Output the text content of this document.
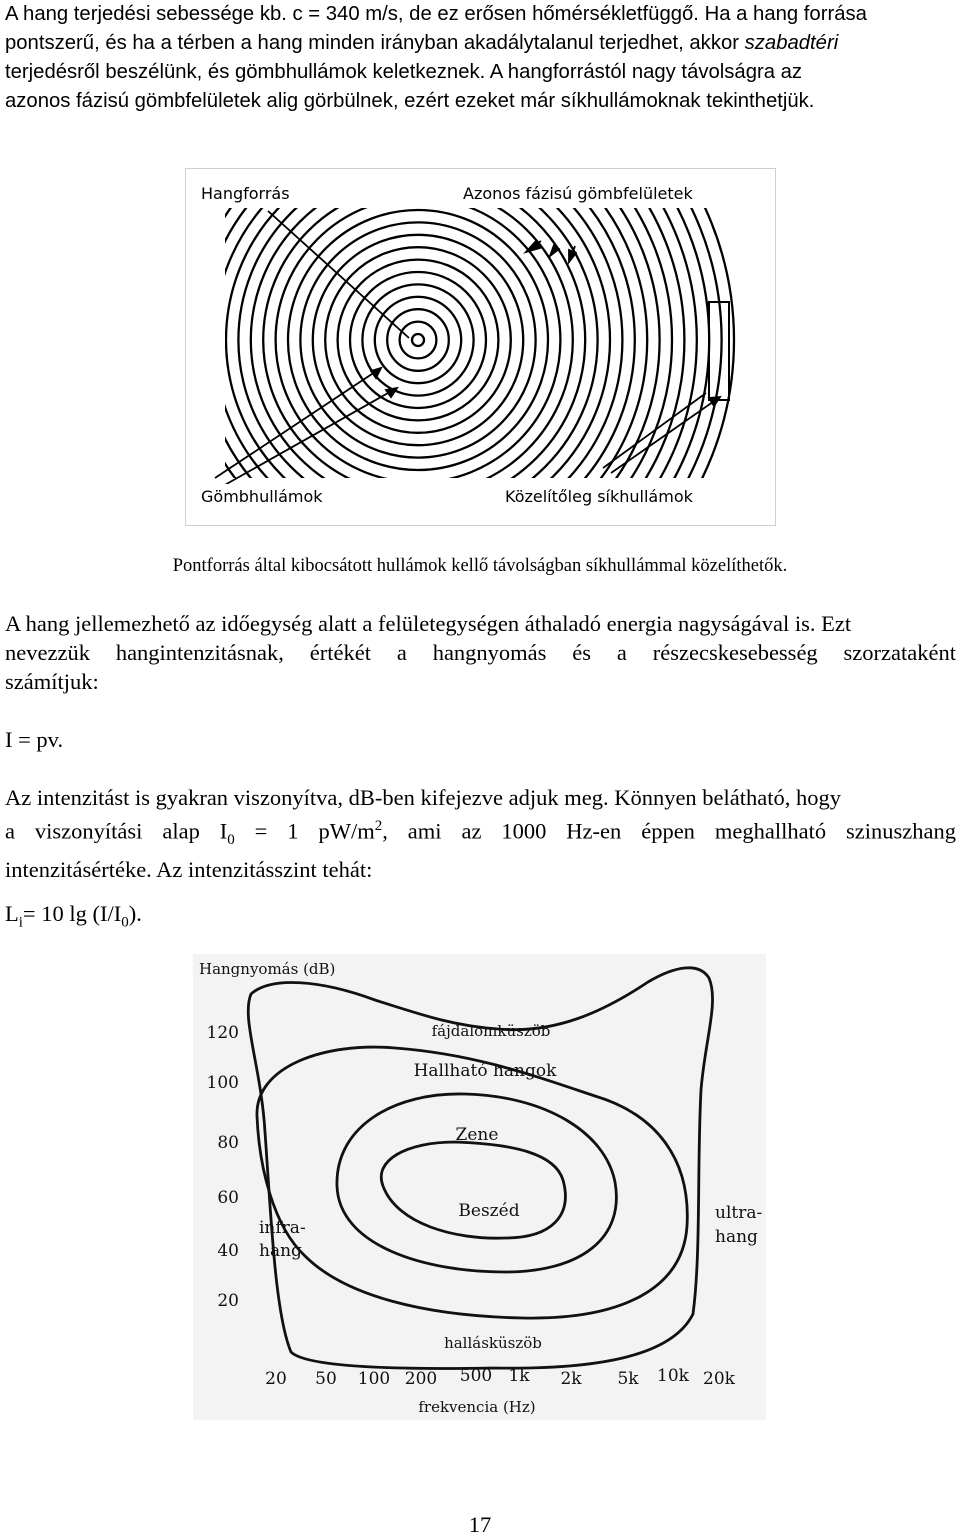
A hang terjedési sebessége kb. c = 340 m/s, de ez erősen hőmérsékletfüggő. Ha a hang forrása
pontszerű, és ha a térben a hang minden irányban akadálytalanul terjedhet, akkor szabadtéri
terjedésről beszélünk, és gömbhullámok keletkeznek. A hangforrástól nagy távolságra az
azonos fázisú gömbfelületek alig görbülnek, ezért ezeket már síkhullámoknak tekinthetjük.
Hangforrás	Azonos fázisú gömbfelületek
Gömbhullámok	Közelítőleg síkhullámok
Pontforrás által kibocsátott hullámok kellő távolságban síkhullámmal közelíthetők.
A hang jellemezhető az időegység alatt a felületegységen áthaladó energia nagyságával is. Ezt
nevezzük hangintenzitásnak, értékét a hangnyomás és a részecskesebesség szorzataként
számítjuk:
I = pv.
Az intenzitást is gyakran viszonyítva, dB-ben kifejezve adjuk meg. Könnyen belátható, hogy
a viszonyítási alap $I_0 = 1$ $pW/m^2$, ami az 1000 Hz-en éppen meghallható szinuszhang
intenzitásértéke. Az intenzitásszint tehát:
$L_i= 10$ $\lg (I/I_0)$.
Hangnyomás (dB)
frekvencia (Hz)
120
100
80
60
40
20
20 50 100 200 500 1k 2k 5k 10k 20k
fájdalomküszöb
Hallható hangok
Zene
Beszéd
hallásküszöb
infra-
hang
ultra-
hang
17
